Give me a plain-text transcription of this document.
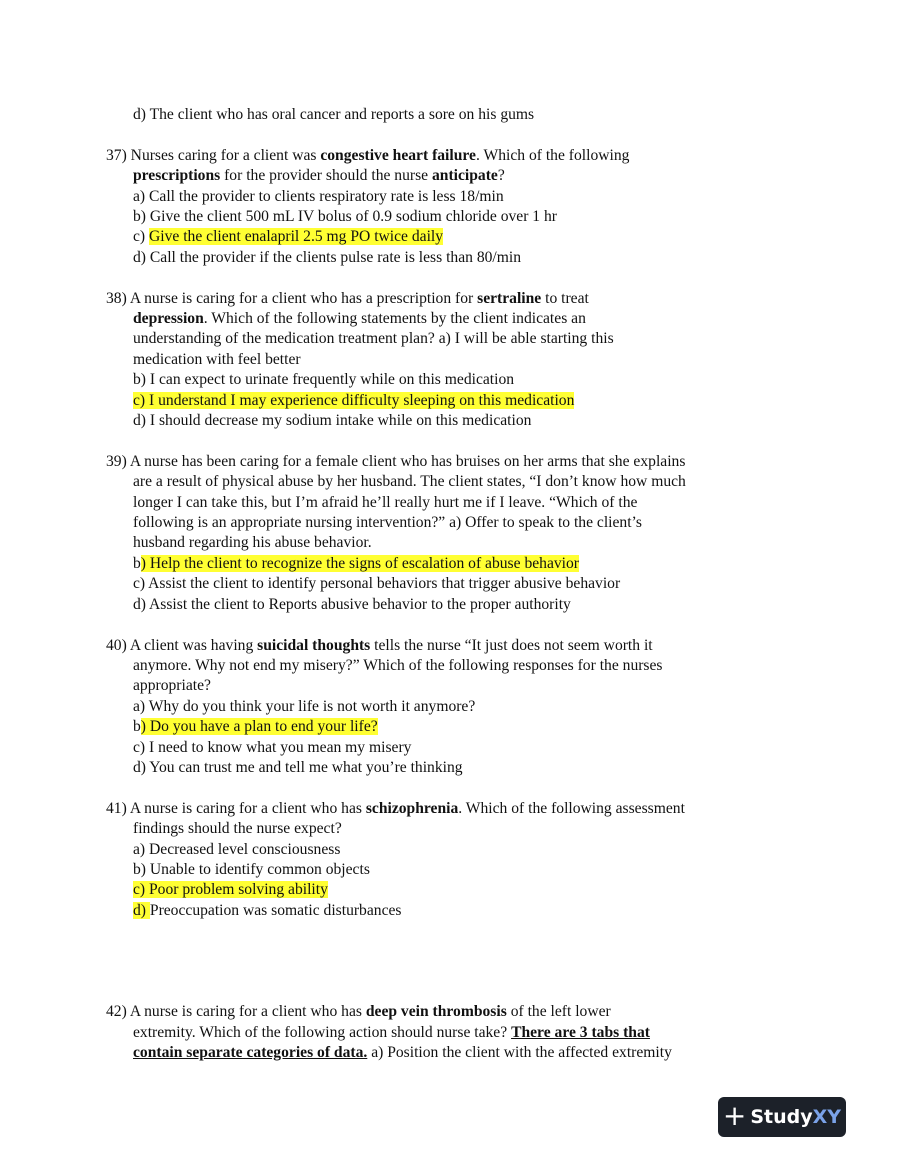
d) The client who has oral cancer and reports a sore on his gums
37) Nurses caring for a client was congestive heart failure. Which of the following
prescriptions for the provider should the nurse anticipate?
a) Call the provider to clients respiratory rate is less 18/min
b) Give the client 500 mL IV bolus of 0.9 sodium chloride over 1 hr
c) Give the client enalapril 2.5 mg PO twice daily
d) Call the provider if the clients pulse rate is less than 80/min
38) A nurse is caring for a client who has a prescription for sertraline to treat
depression. Which of the following statements by the client indicates an
understanding of the medication treatment plan? a) I will be able starting this
medication with feel better
b) I can expect to urinate frequently while on this medication
c) I understand I may experience difficulty sleeping on this medication
d) I should decrease my sodium intake while on this medication
39) A nurse has been caring for a female client who has bruises on her arms that she explains
are a result of physical abuse by her husband. The client states, “I don’t know how much
longer I can take this, but I’m afraid he’ll really hurt me if I leave. “Which of the
following is an appropriate nursing intervention?” a) Offer to speak to the client’s
husband regarding his abuse behavior.
b) Help the client to recognize the signs of escalation of abuse behavior
c) Assist the client to identify personal behaviors that trigger abusive behavior
d) Assist the client to Reports abusive behavior to the proper authority
40) A client was having suicidal thoughts tells the nurse “It just does not seem worth it
anymore. Why not end my misery?” Which of the following responses for the nurses
appropriate?
a) Why do you think your life is not worth it anymore?
b) Do you have a plan to end your life?
c) I need to know what you mean my misery
d) You can trust me and tell me what you’re thinking
41) A nurse is caring for a client who has schizophrenia. Which of the following assessment
findings should the nurse expect?
a) Decreased level consciousness
b) Unable to identify common objects
c) Poor problem solving ability
d) Preoccupation was somatic disturbances
42) A nurse is caring for a client who has deep vein thrombosis of the left lower
extremity. Which of the following action should nurse take? There are 3 tabs that
contain separate categories of data. a) Position the client with the affected extremity
+ Study XY
